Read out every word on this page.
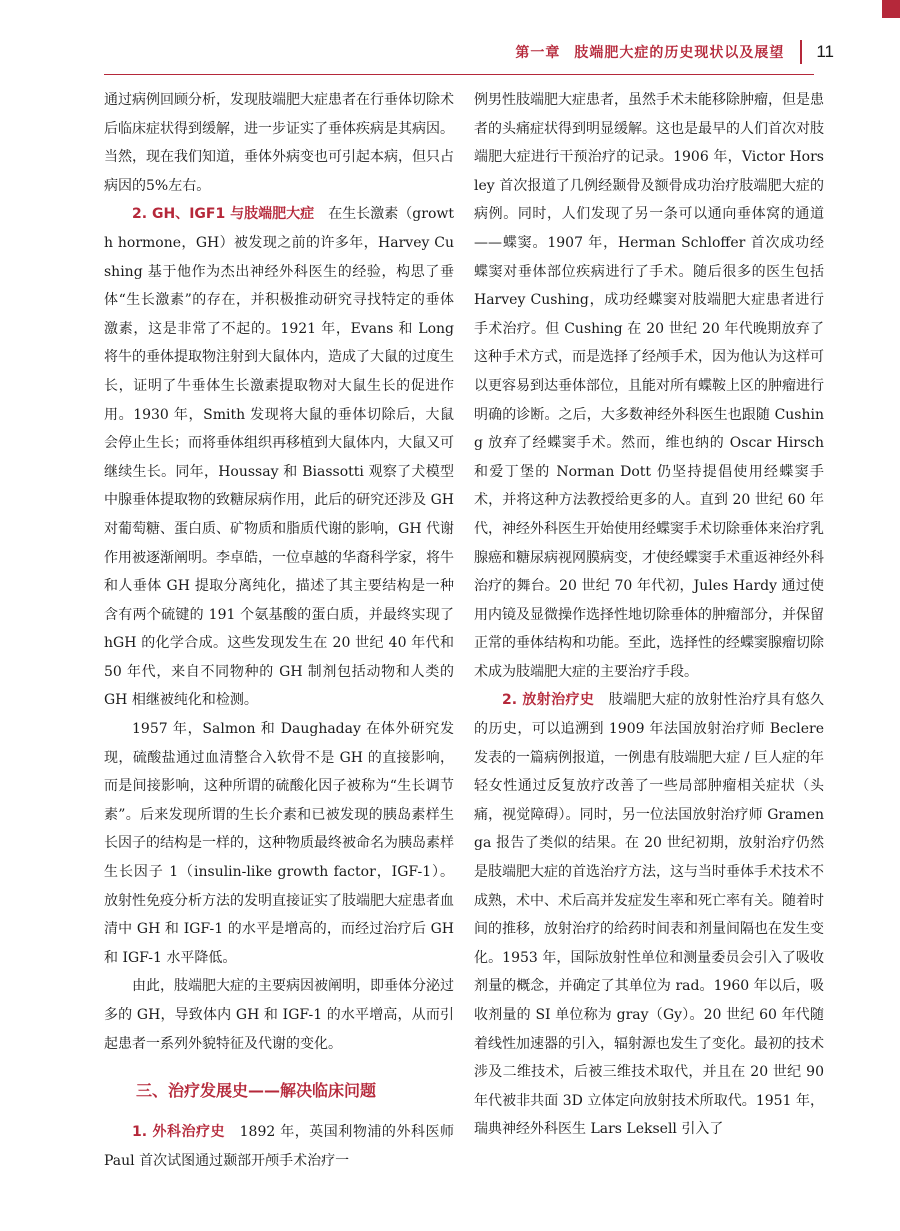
第一章 肢端肥大症的历史现状以及展望 11

通过病例回顾分析，发现肢端肥大症患者在行垂体切除术后临床症状得到缓解，进一步证实了垂体疾病是其病因。当然，现在我们知道，垂体外病变也可引起本病，但只占病因的5%左右。

2. GH、IGF1 与肢端肥大症　 在生长激素（growth hormone，GH）被发现之前的许多年，Harvey Cushing 基于他作为杰出神经外科医生的经验，构思了垂体“生长激素”的存在，并积极推动研究寻找特定的垂体激素，这是非常了不起的。1921 年，Evans 和 Long 将牛的垂体提取物注射到大鼠体内，造成了大鼠的过度生长，证明了牛垂体生长激素提取物对大鼠生长的促进作用。1930 年，Smith 发现将大鼠的垂体切除后，大鼠会停止生长；而将垂体组织再移植到大鼠体内，大鼠又可继续生长。同年，Houssay 和 Biassotti 观察了犬模型中腺垂体提取物的致糖尿病作用，此后的研究还涉及 GH 对葡萄糖、蛋白质、矿物质和脂质代谢的影响，GH 代谢作用被逐渐阐明。李卓皓，一位卓越的华裔科学家，将牛和人垂体 GH 提取分离纯化，描述了其主要结构是一种含有两个硫键的 191 个氨基酸的蛋白质，并最终实现了 hGH 的化学合成。这些发现发生在 20 世纪 40 年代和 50 年代，来自不同物种的 GH 制剂包括动物和人类的 GH 相继被纯化和检测。

1957 年，Salmon 和 Daughaday 在体外研究发现，硫酸盐通过血清整合入软骨不是 GH 的直接影响，而是间接影响，这种所谓的硫酸化因子被称为“生长调节素”。后来发现所谓的生长介素和已被发现的胰岛素样生长因子的结构是一样的，这种物质最终被命名为胰岛素样生长因子 1（insulin-like growth factor，IGF-1）。放射性免疫分析方法的发明直接证实了肢端肥大症患者血清中 GH 和 IGF-1 的水平是增高的，而经过治疗后 GH 和 IGF-1 水平降低。

由此，肢端肥大症的主要病因被阐明，即垂体分泌过多的 GH，导致体内 GH 和 IGF-1 的水平增高，从而引起患者一系列外貌特征及代谢的变化。

三、治疗发展史——解决临床问题

1. 外科治疗史　 1892 年，英国利物浦的外科医师 Paul 首次试图通过颞部开颅手术治疗一

例男性肢端肥大症患者，虽然手术未能移除肿瘤，但是患者的头痛症状得到明显缓解。这也是最早的人们首次对肢端肥大症进行干预治疗的记录。1906 年，Victor Horsley 首次报道了几例经颞骨及额骨成功治疗肢端肥大症的病例。同时，人们发现了另一条可以通向垂体窝的通道——蝶窦。1907 年，Herman Schloffer 首次成功经蝶窦对垂体部位疾病进行了手术。随后很多的医生包括 Harvey Cushing，成功经蝶窦对肢端肥大症患者进行手术治疗。但 Cushing 在 20 世纪 20 年代晚期放弃了这种手术方式，而是选择了经颅手术，因为他认为这样可以更容易到达垂体部位，且能对所有蝶鞍上区的肿瘤进行明确的诊断。之后，大多数神经外科医生也跟随 Cushing 放弃了经蝶窦手术。然而，维也纳的 Oscar Hirsch 和爱丁堡的 Norman Dott 仍坚持提倡使用经蝶窦手术，并将这种方法教授给更多的人。直到 20 世纪 60 年代，神经外科医生开始使用经蝶窦手术切除垂体来治疗乳腺癌和糖尿病视网膜病变，才使经蝶窦手术重返神经外科治疗的舞台。20 世纪 70 年代初，Jules Hardy 通过使用内镜及显微操作选择性地切除垂体的肿瘤部分，并保留正常的垂体结构和功能。至此，选择性的经蝶窦腺瘤切除术成为肢端肥大症的主要治疗手段。

2. 放射治疗史　 肢端肥大症的放射性治疗具有悠久的历史，可以追溯到 1909 年法国放射治疗师 Beclere 发表的一篇病例报道，一例患有肢端肥大症 / 巨人症的年轻女性通过反复放疗改善了一些局部肿瘤相关症状（头痛，视觉障碍）。同时，另一位法国放射治疗师 Gramenga 报告了类似的结果。在 20 世纪初期，放射治疗仍然是肢端肥大症的首选治疗方法，这与当时垂体手术技术不成熟，术中、术后高并发症发生率和死亡率有关。随着时间的推移，放射治疗的给药时间表和剂量间隔也在发生变化。1953 年，国际放射性单位和测量委员会引入了吸收剂量的概念，并确定了其单位为 rad。1960 年以后，吸收剂量的 SI 单位称为 gray（Gy）。20 世纪 60 年代随着线性加速器的引入，辐射源也发生了变化。最初的技术涉及二维技术，后被三维技术取代，并且在 20 世纪 90 年代被非共面 3D 立体定向放射技术所取代。1951 年，瑞典神经外科医生 Lars Leksell 引入了
